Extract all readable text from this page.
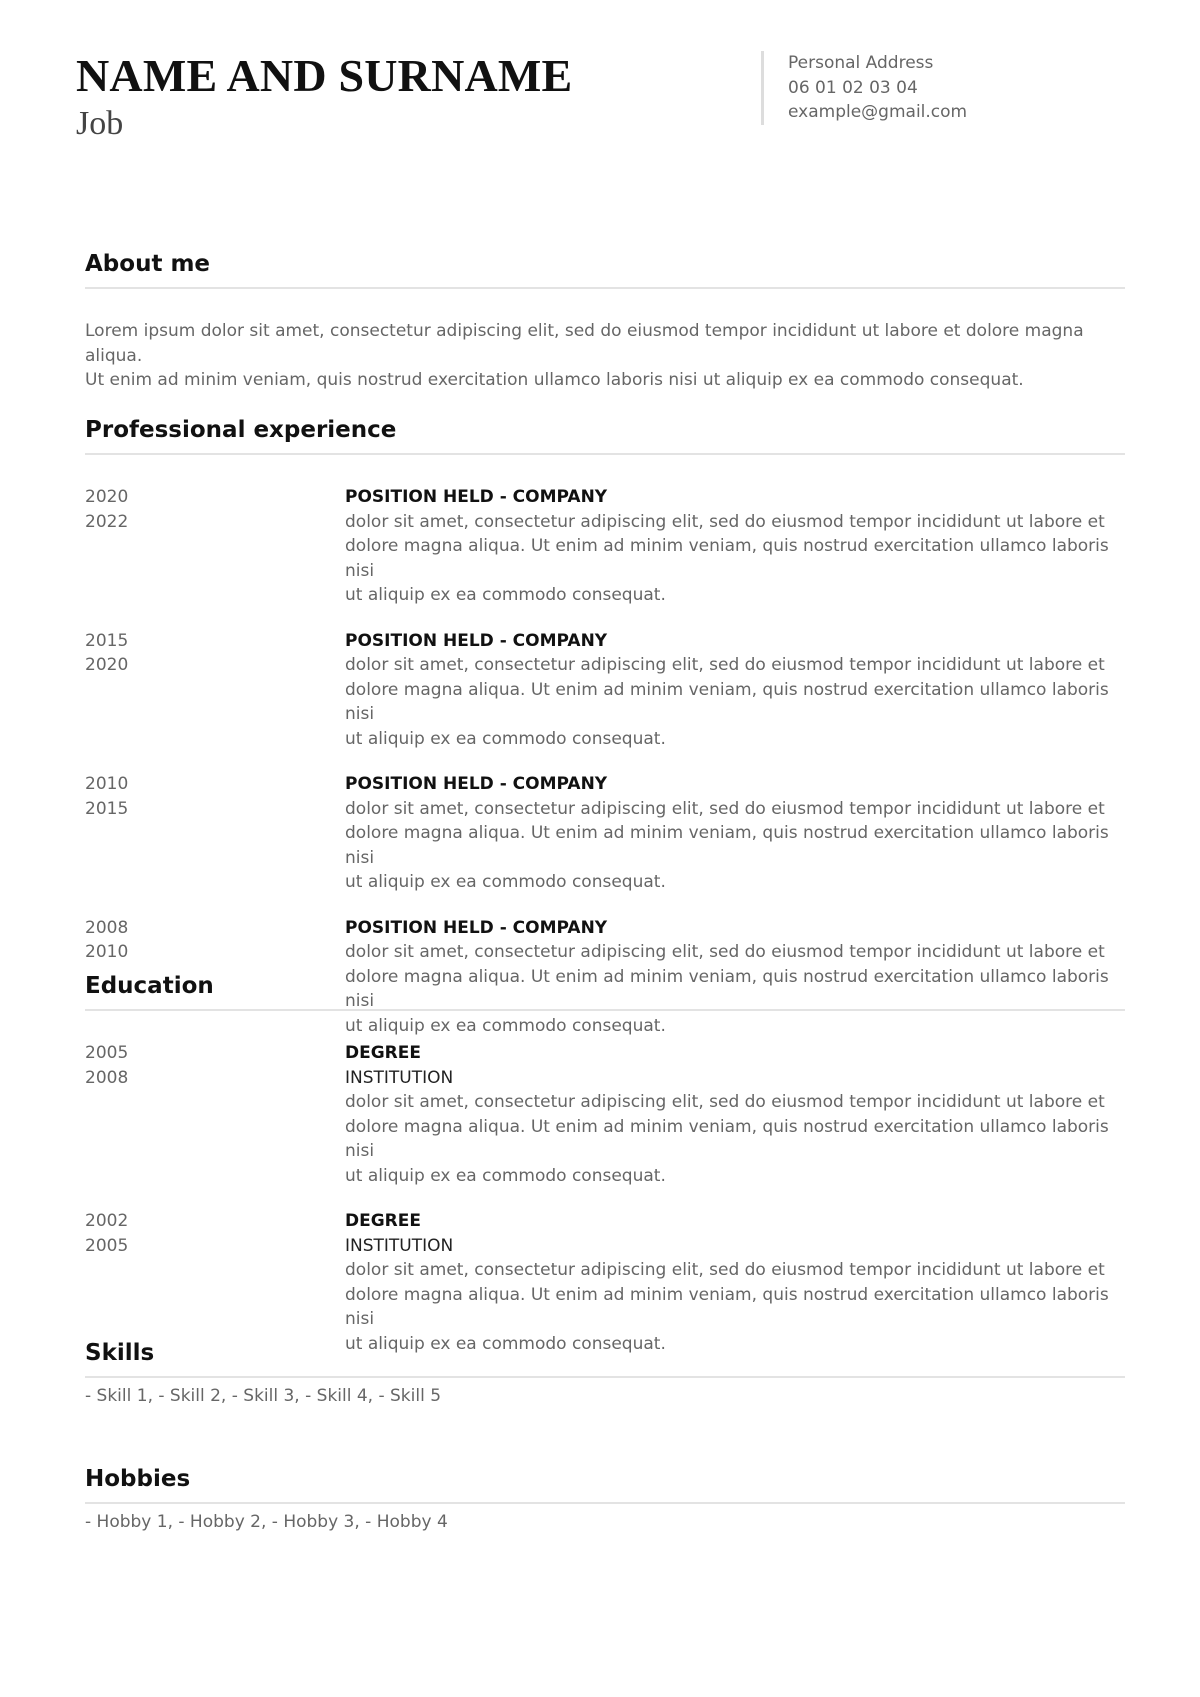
NAME AND SURNAME
Job
Personal Address
06 01 02 03 04
example@gmail.com
About me
Lorem ipsum dolor sit amet, consectetur adipiscing elit, sed do eiusmod tempor incididunt ut labore et dolore magna aliqua.
Ut enim ad minim veniam, quis nostrud exercitation ullamco laboris nisi ut aliquip ex ea commodo consequat.
Professional experience
2020
2022
POSITION HELD - COMPANY
dolor sit amet, consectetur adipiscing elit, sed do eiusmod tempor incididunt ut labore et
dolore magna aliqua. Ut enim ad minim veniam, quis nostrud exercitation ullamco laboris nisi
ut aliquip ex ea commodo consequat.
2015
2020
POSITION HELD - COMPANY
dolor sit amet, consectetur adipiscing elit, sed do eiusmod tempor incididunt ut labore et
dolore magna aliqua. Ut enim ad minim veniam, quis nostrud exercitation ullamco laboris nisi
ut aliquip ex ea commodo consequat.
2010
2015
POSITION HELD - COMPANY
dolor sit amet, consectetur adipiscing elit, sed do eiusmod tempor incididunt ut labore et
dolore magna aliqua. Ut enim ad minim veniam, quis nostrud exercitation ullamco laboris nisi
ut aliquip ex ea commodo consequat.
2008
2010
POSITION HELD - COMPANY
dolor sit amet, consectetur adipiscing elit, sed do eiusmod tempor incididunt ut labore et
dolore magna aliqua. Ut enim ad minim veniam, quis nostrud exercitation ullamco laboris nisi
ut aliquip ex ea commodo consequat.
Education
2005
2008
DEGREE
INSTITUTION
dolor sit amet, consectetur adipiscing elit, sed do eiusmod tempor incididunt ut labore et
dolore magna aliqua. Ut enim ad minim veniam, quis nostrud exercitation ullamco laboris nisi
ut aliquip ex ea commodo consequat.
2002
2005
DEGREE
INSTITUTION
dolor sit amet, consectetur adipiscing elit, sed do eiusmod tempor incididunt ut labore et
dolore magna aliqua. Ut enim ad minim veniam, quis nostrud exercitation ullamco laboris nisi
ut aliquip ex ea commodo consequat.
Skills
- Skill 1, - Skill 2, - Skill 3, - Skill 4, - Skill 5
Hobbies
- Hobby 1, - Hobby 2, - Hobby 3, - Hobby 4
